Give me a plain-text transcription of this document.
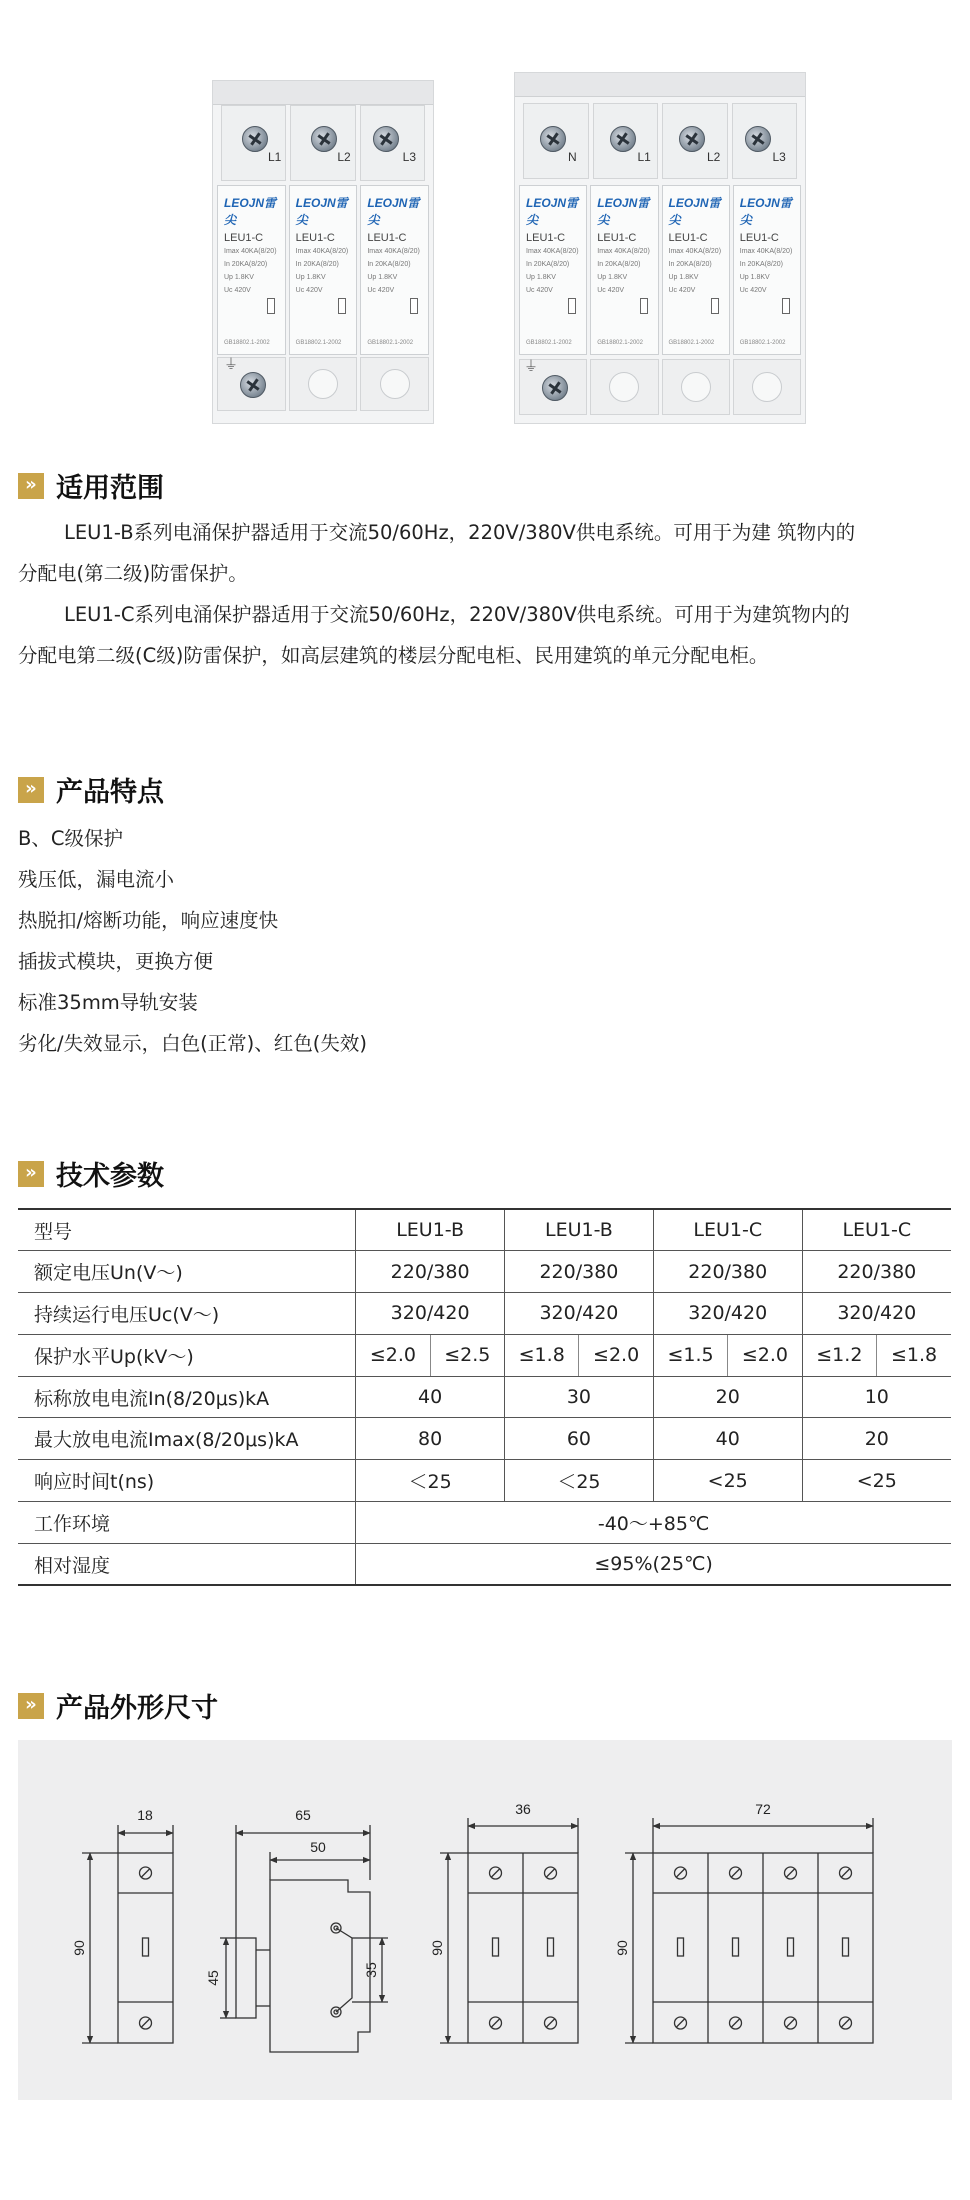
L1	L2	L3
LEOJN雷尖
LEU1-C
Imax 40KA(8/20)
In 20KA(8/20)
Up 1.8KV
Uc 420V
GB18802.1-2002
LEOJN雷尖
LEU1-C
Imax 40KA(8/20)
In 20KA(8/20)
Up 1.8KV
Uc 420V
GB18802.1-2002
LEOJN雷尖
LEU1-C
Imax 40KA(8/20)
In 20KA(8/20)
Up 1.8KV
Uc 420V
GB18802.1-2002
⏚
N	L1	L2	L3
LEOJN雷尖
LEU1-C
Imax 40KA(8/20)
In 20KA(8/20)
Up 1.8KV
Uc 420V
GB18802.1-2002
LEOJN雷尖
LEU1-C
Imax 40KA(8/20)
In 20KA(8/20)
Up 1.8KV
Uc 420V
GB18802.1-2002
LEOJN雷尖
LEU1-C
Imax 40KA(8/20)
In 20KA(8/20)
Up 1.8KV
Uc 420V
GB18802.1-2002
LEOJN雷尖
LEU1-C
Imax 40KA(8/20)
In 20KA(8/20)
Up 1.8KV
Uc 420V
GB18802.1-2002
⏚
» 适用范围

LEU1-B系列电涌保护器适用于交流50/60Hz，220V/380V供电系统。可用于为建 筑物内的

分配电(第二级)防雷保护。

LEU1-C系列电涌保护器适用于交流50/60Hz，220V/380V供电系统。可用于为建筑物内的

分配电第二级(C级)防雷保护，如高层建筑的楼层分配电柜、民用建筑的单元分配电柜。

» 产品特点
B、C级保护
残压低，漏电流小
热脱扣/熔断功能，响应速度快
插拔式模块，更换方便
标准35mm导轨安装
劣化/失效显示，白色(正常)、红色(失效)
» 技术参数
型号	LEU1-B		LEU1-B		LEU1-C		LEU1-C	
额定电压Un(V～)	220/380		220/380		220/380		220/380	
持续运行电压Uc(V～)	320/420		320/420		320/420		320/420	
保护水平Up(kV～)	≤2.0	≤2.5	≤1.8	≤2.0	≤1.5	≤2.0	≤1.2	≤1.8
标称放电电流In(8/20μs)kA	40		30		20		10	
最大放电电流Imax(8/20μs)kA	80		60		40		20	
响应时间t(ns)	＜25		＜25		<25		<25	
工作环境	-40～+85℃							
相对湿度	≤95%(25℃)							
» 产品外形尺寸
18
90
65
50
45
35
36
90
72
90
